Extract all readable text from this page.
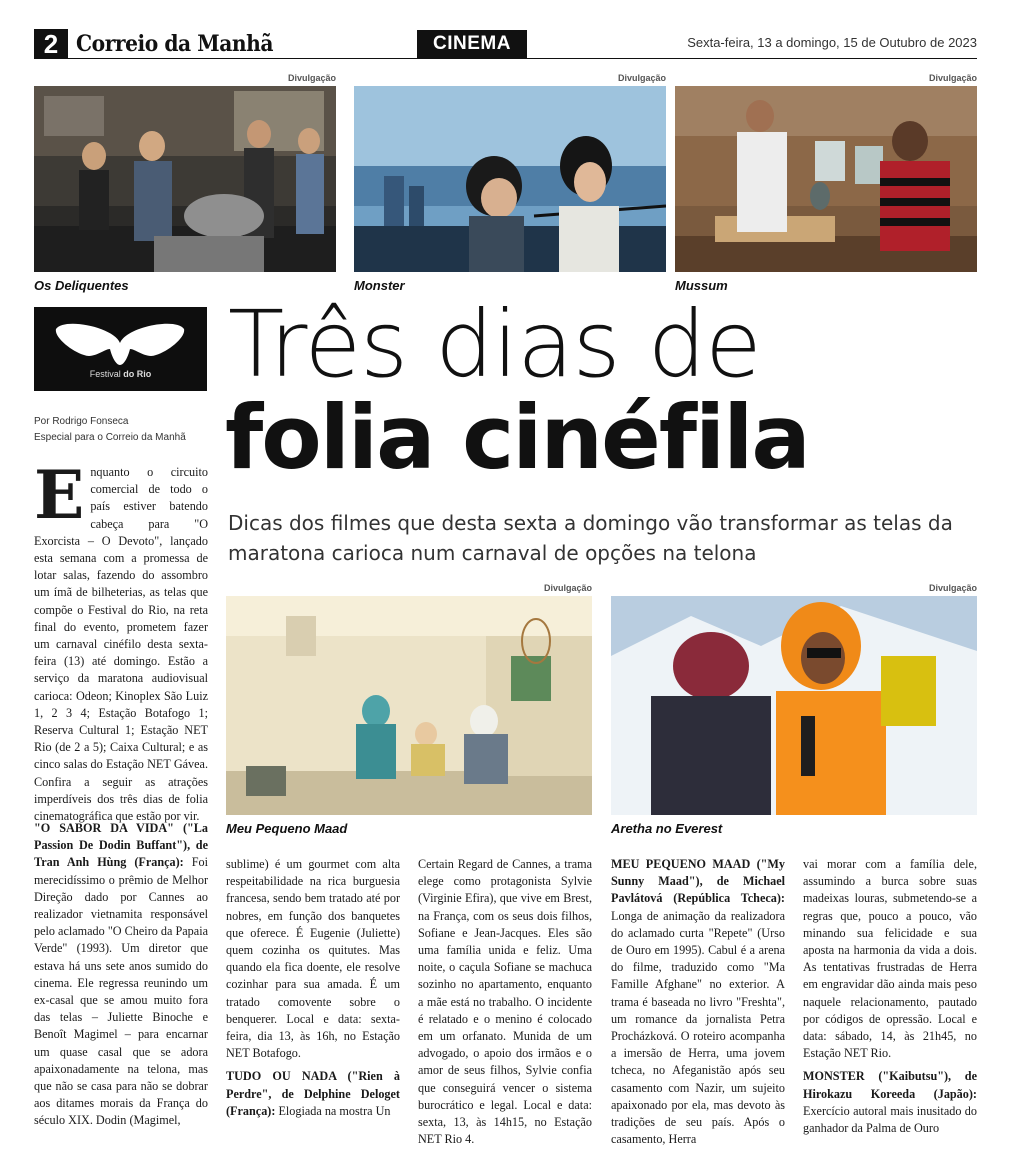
2 Correio da Manhã	CINEMA	Sexta-feira, 13 a domingo, 15 de Outubro de 2023
Divulgação
Os Deliquentes
Divulgação
Monster
Divulgação
Mussum
Festival do Rio
Por Rodrigo Fonseca
Especial para o Correio da Manhã
Três dias de
folia cinéfila
Dicas dos filmes que desta sexta a domingo vão transformar as telas da maratona carioca num carnaval de opções na telona
Divulgação
Meu Pequeno Maad
Divulgação
Aretha no Everest
Enquanto o circuito comercial de todo o país estiver batendo cabeça para "O Exorcista – O Devoto", lançado esta semana com a promessa de lotar salas, fazendo do assombro um ímã de bilheterias, as telas que compõe o Festival do Rio, na reta final do evento, prometem fazer um carnaval cinéfilo desta sexta-feira (13) até domingo. Estão a serviço da maratona audiovisual carioca: Odeon; Kinoplex São Luiz 1, 2 3 4; Estação Botafogo 1; Reserva Cultural 1; Estação NET Rio (de 2 a 5); Caixa Cultural; e as cinco salas do Estação NET Gávea. Confira a seguir as atrações imperdíveis dos três dias de folia cinematográfica que estão por vir.
"O SABOR DA VIDA" ("La Passion De Dodin Buffant"), de Tran Anh Hùng (França): Foi merecidíssimo o prêmio de Melhor Direção dado por Cannes ao realizador vietnamita responsável pelo aclamado "O Cheiro da Papaia Verde" (1993). Um diretor que estava há uns sete anos sumido do cinema. Ele regressa reunindo um ex-casal que se amou muito fora das telas – Juliette Binoche e Benoît Magimel – para encarnar um quase casal que se adora apaixonadamente na telona, mas que não se casa para não se dobrar aos ditames morais da França do século XIX. Dodin (Magimel,

sublime) é um gourmet com alta respeitabilidade na rica burguesia francesa, sendo bem tratado até por nobres, em função dos banquetes que oferece. É Eugenie (Juliette) quem cozinha os quitutes. Mas quando ela fica doente, ele resolve cozinhar para sua amada. É um tratado comovente sobre o benquerer. Local e data: sexta-feira, dia 13, às 16h, no Estação NET Botafogo.

TUDO OU NADA ("Rien à Perdre", de Delphine Deloget (França): Elogiada na mostra Un

Certain Regard de Cannes, a trama elege como protagonista Sylvie (Virginie Efira), que vive em Brest, na França, com os seus dois filhos, Sofiane e Jean-Jacques. Eles são uma família unida e feliz. Uma noite, o caçula Sofiane se machuca sozinho no apartamento, enquanto a mãe está no trabalho. O incidente é relatado e o menino é colocado em um orfanato. Munida de um advogado, o apoio dos irmãos e o amor de seus filhos, Sylvie confia que conseguirá vencer o sistema burocrático e legal. Local e data: sexta, 13, às 14h15, no Estação NET Rio 4.

MEU PEQUENO MAAD ("My Sunny Maad"), de Michael Pavlátová (República Tcheca): Longa de animação da realizadora do aclamado curta "Repete" (Urso de Ouro em 1995). Cabul é a arena do filme, traduzido como "Ma Famille Afghane" no exterior. A trama é baseada no livro "Freshta", um romance da jornalista Petra Procházková. O roteiro acompanha a imersão de Herra, uma jovem tcheca, no Afeganistão após seu casamento com Nazir, um sujeito apaixonado por ela, mas devoto às tradições de seu país. Após o casamento, Herra

vai morar com a família dele, assumindo a burca sobre suas madeixas louras, submetendo-se a regras que, pouco a pouco, vão minando sua felicidade e sua aposta na harmonia da vida a dois. As tentativas frustradas de Herra em engravidar dão ainda mais peso naquele relacionamento, pautado por códigos de opressão. Local e data: sábado, 14, às 21h45, no Estação NET Rio.

MONSTER ("Kaibutsu"), de Hirokazu Koreeda (Japão): Exercício autoral mais inusitado do ganhador da Palma de Ouro
